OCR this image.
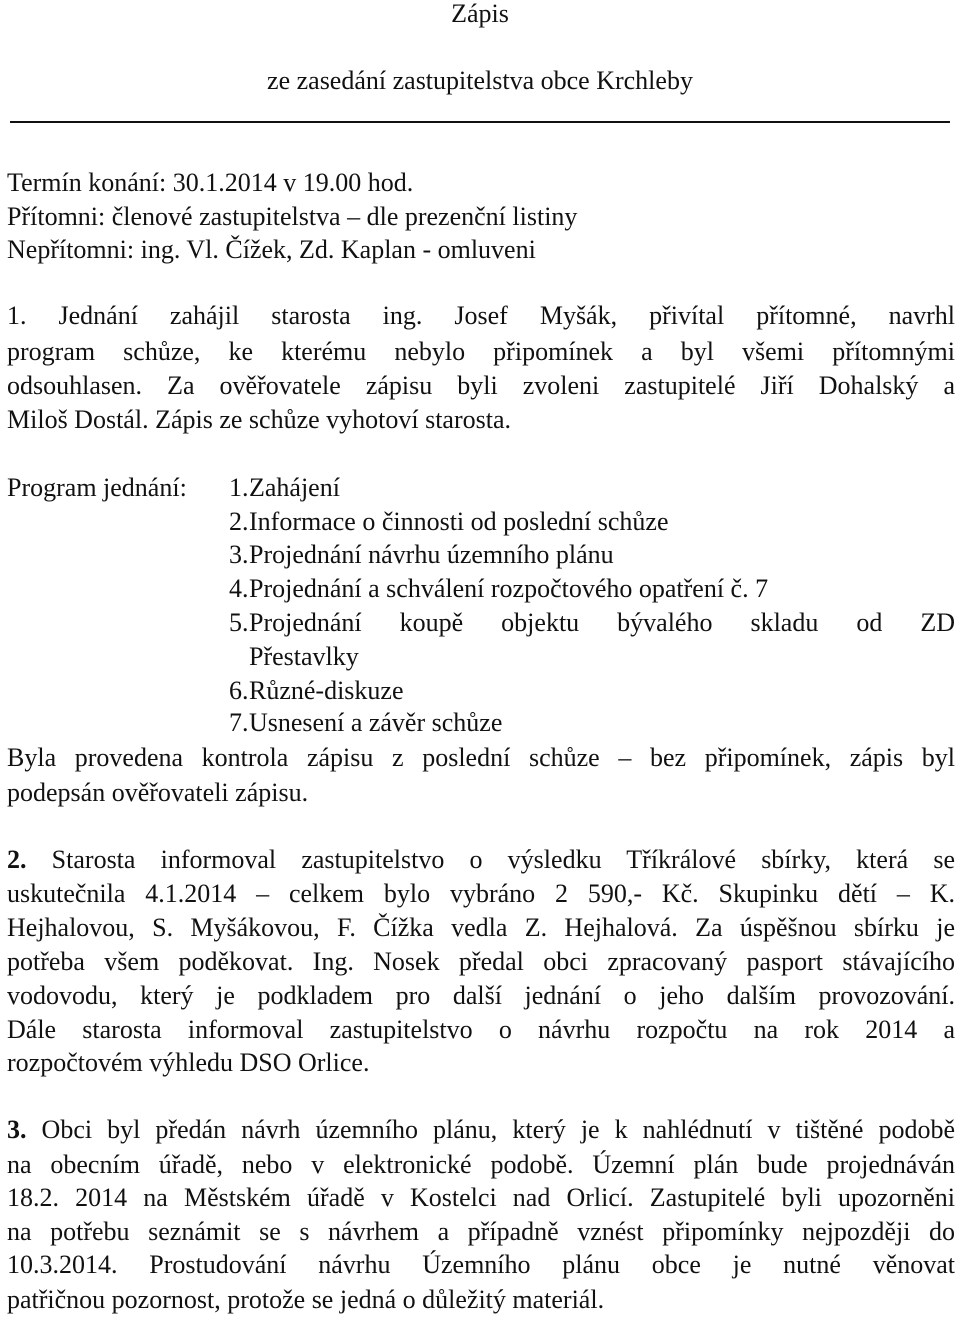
Zápis
ze zasedání zastupitelstva obce Krchleby
Termín konání: 30.1.2014 v 19.00 hod.
Přítomni: členové zastupitelstva – dle prezenční listiny
Nepřítomni: ing. Vl. Čížek, Zd. Kaplan - omluveni
1. Jednání zahájil starosta ing. Josef Myšák, přivítal přítomné, navrhl
program schůze, ke kterému nebylo připomínek a byl všemi přítomnými
odsouhlasen. Za ověřovatele zápisu byli zvoleni zastupitelé Jiří Dohalský a
Miloš Dostál. Zápis ze schůze vyhotoví starosta.
Program jednání: 1.Zahájení
2.Informace o činnosti od poslední schůze
3.Projednání návrhu územního plánu
4.Projednání a schválení rozpočtového opatření č. 7
5.Projednání koupě objektu bývalého skladu od ZD
Přestavlky
6.Různé-diskuze
7.Usnesení a závěr schůze
Byla provedena kontrola zápisu z poslední schůze – bez připomínek, zápis byl
podepsán ověřovateli zápisu.
2. Starosta informoval zastupitelstvo o výsledku Tříkrálové sbírky, která se
uskutečnila 4.1.2014 – celkem bylo vybráno 2 590,- Kč. Skupinku dětí – K.
Hejhalovou, S. Myšákovou, F. Čížka vedla Z. Hejhalová. Za úspěšnou sbírku je
potřeba všem poděkovat. Ing. Nosek předal obci zpracovaný pasport stávajícího
vodovodu, který je podkladem pro další jednání o jeho dalším provozování.
Dále starosta informoval zastupitelstvo o návrhu rozpočtu na rok 2014 a
rozpočtovém výhledu DSO Orlice.
3. Obci byl předán návrh územního plánu, který je k nahlédnutí v tištěné podobě
na obecním úřadě, nebo v elektronické podobě. Územní plán bude projednáván
18.2. 2014 na Městském úřadě v Kostelci nad Orlicí. Zastupitelé byli upozorněni
na potřebu seznámit se s návrhem a případně vznést připomínky nejpozději do
10.3.2014. Prostudování návrhu Územního plánu obce je nutné věnovat
patřičnou pozornost, protože se jedná o důležitý materiál.
